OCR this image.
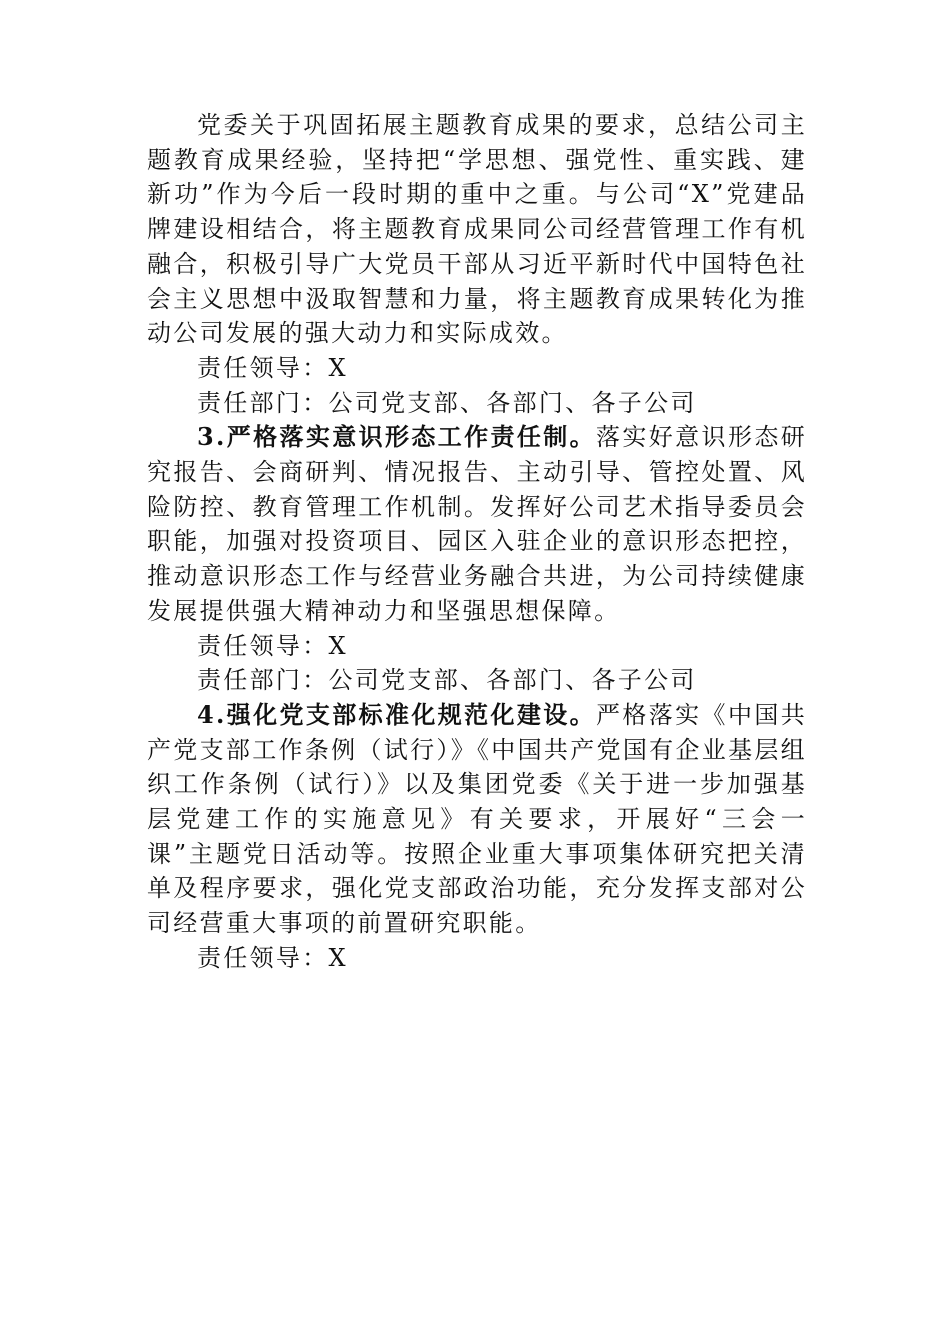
党委关于巩固拓展主题教育成果的要求，总结公司主题教育成果经验，坚持把“学思想、强党性、重实践、建新功”作为今后一段时期的重中之重。与公司“X”党建品牌建设相结合，将主题教育成果同公司经营管理工作有机融合，积极引导广大党员干部从习近平新时代中国特色社会主义思想中汲取智慧和力量，将主题教育成果转化为推动公司发展的强大动力和实际成效。

责任领导：X

责任部门：公司党支部、各部门、各子公司

3.严格落实意识形态工作责任制。落实好意识形态研究报告、会商研判、情况报告、主动引导、管控处置、风险防控、教育管理工作机制。发挥好公司艺术指导委员会职能，加强对投资项目、园区入驻企业的意识形态把控，推动意识形态工作与经营业务融合共进，为公司持续健康发展提供强大精神动力和坚强思想保障。

责任领导：X

责任部门：公司党支部、各部门、各子公司

4.强化党支部标准化规范化建设。严格落实《中国共产党支部工作条例（试行）》《中国共产党国有企业基层组织工作条例（试行）》以及集团党委《关于进一步加强基层党建工作的实施意见》有关要求，开展好“三会一课”主题党日活动等。按照企业重大事项集体研究把关清单及程序要求，强化党支部政治功能，充分发挥支部对公司经营重大事项的前置研究职能。

责任领导：X
